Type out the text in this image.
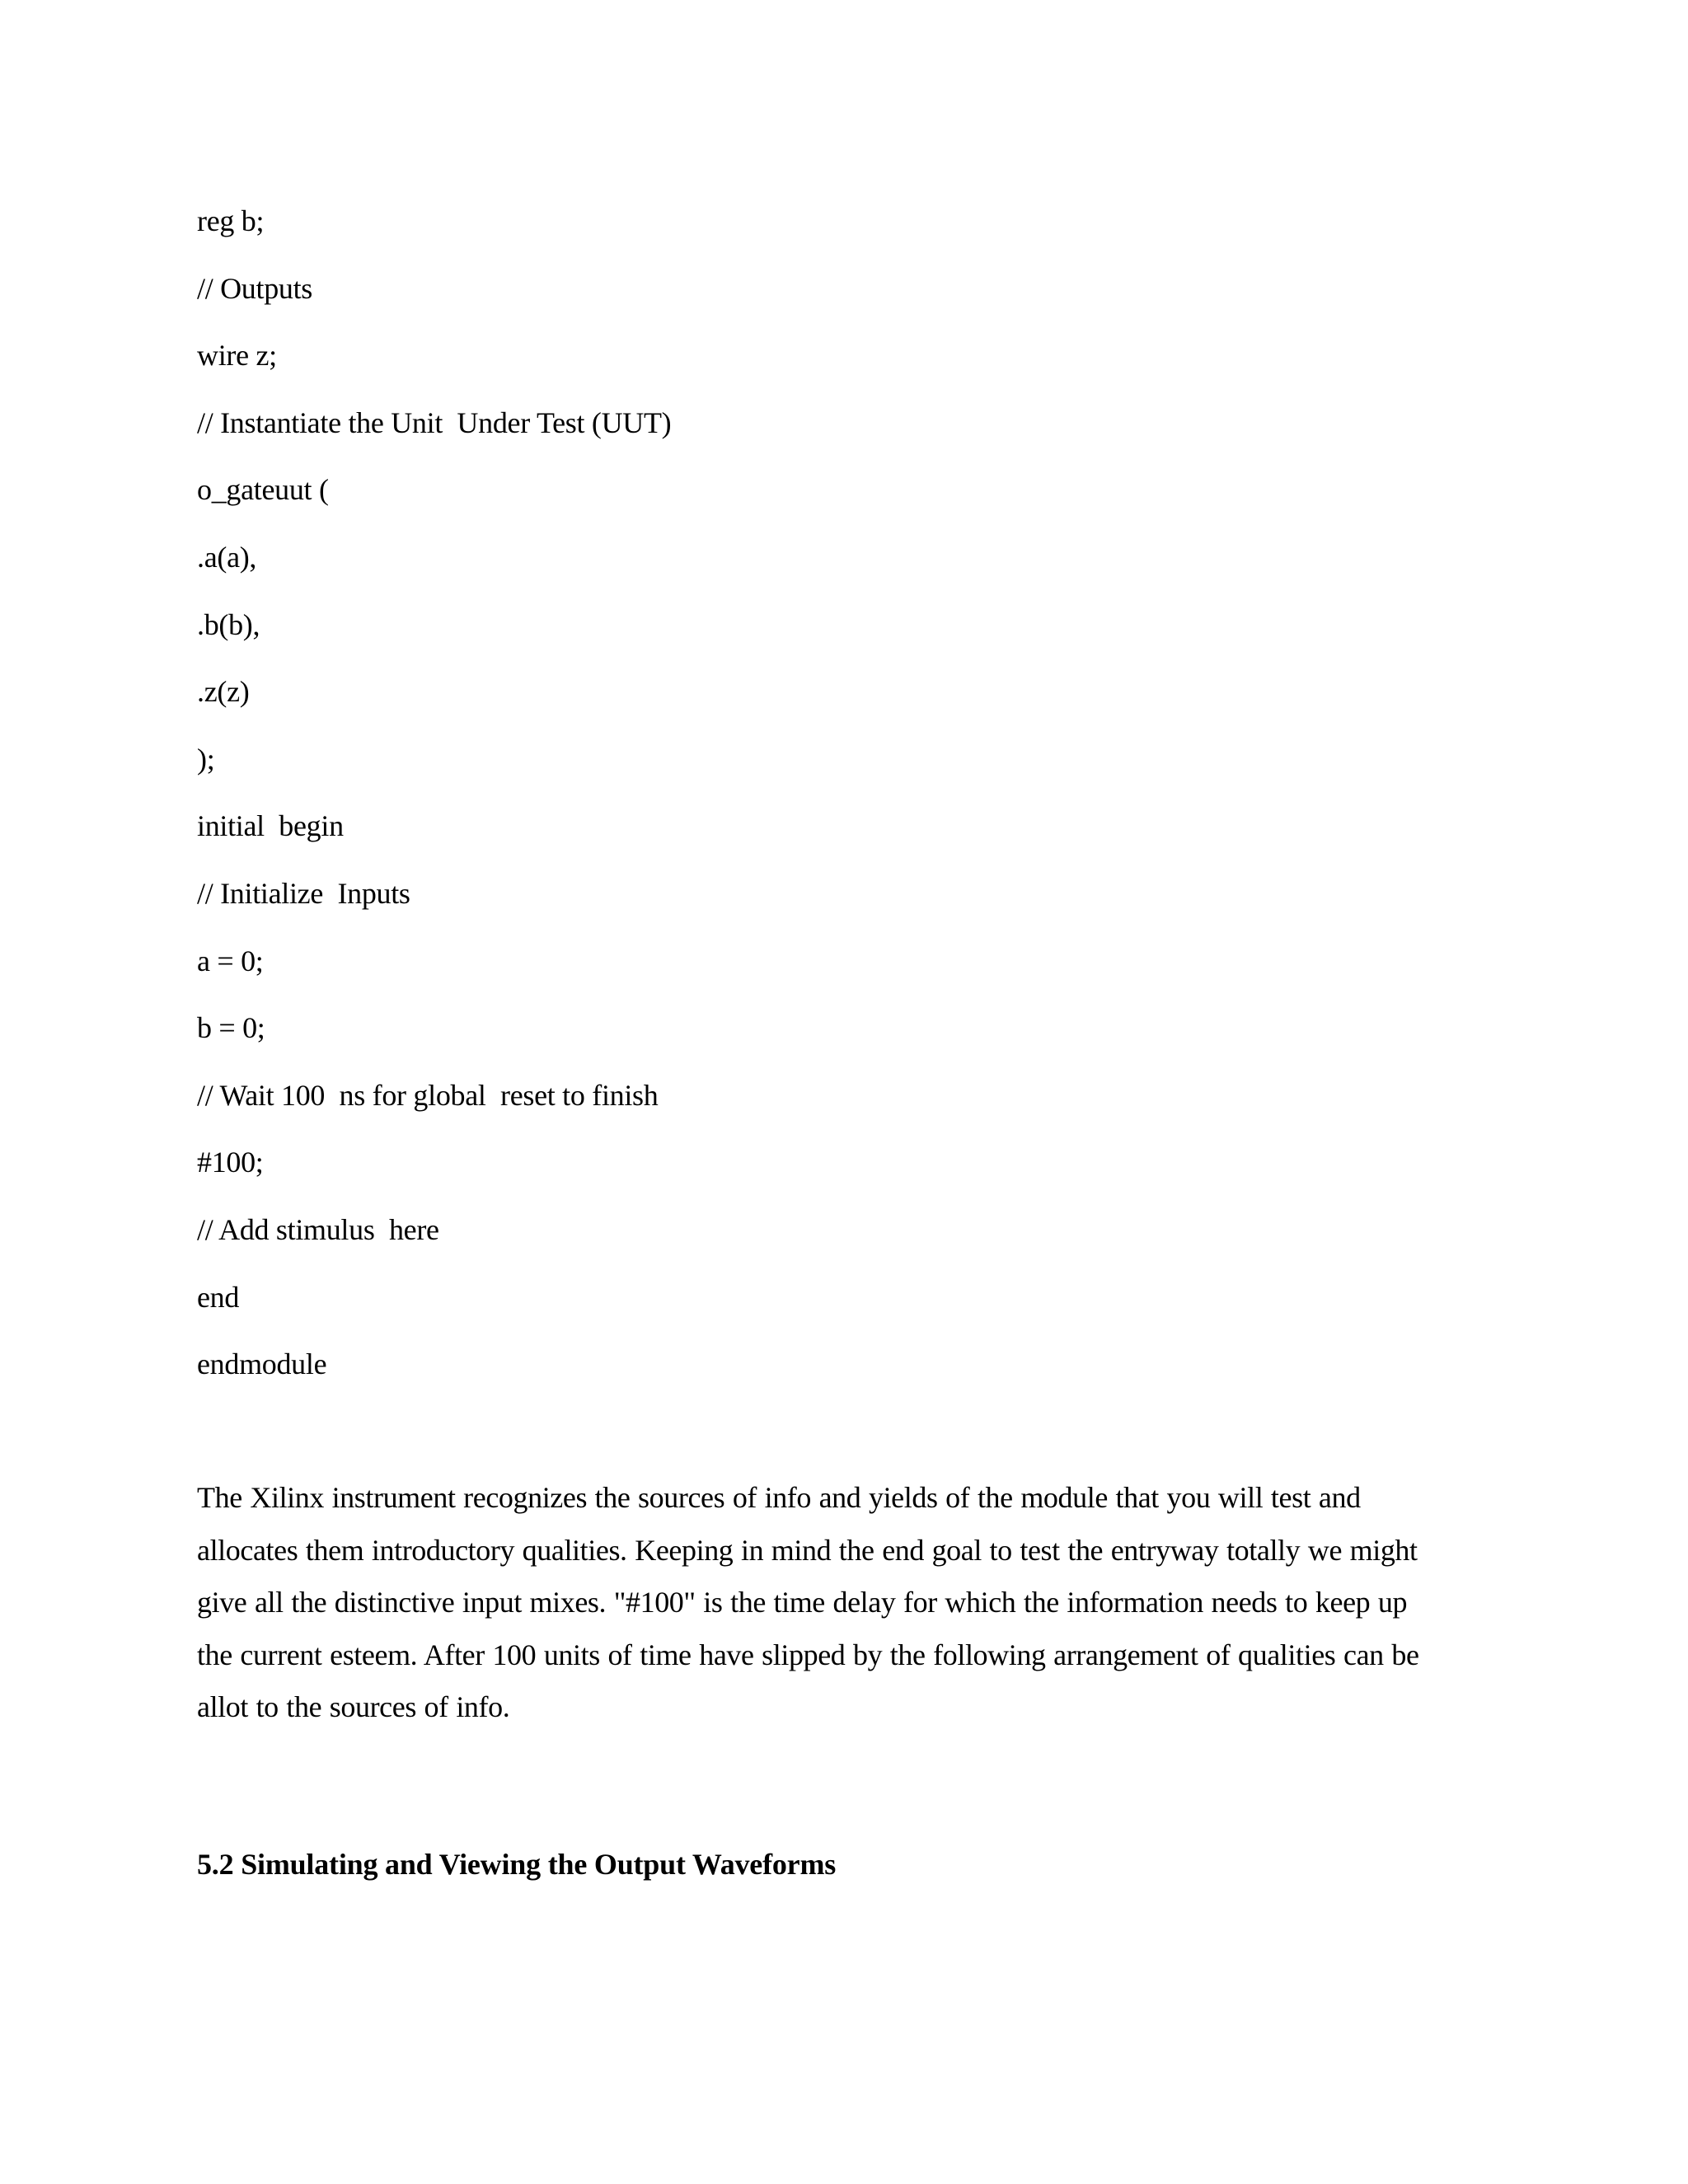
reg b;
// Outputs
wire z;
// Instantiate the Unit  Under Test (UUT)
o_gateuut (
.a(a),
.b(b),
.z(z)
);
initial  begin
// Initialize  Inputs
a = 0;
b = 0;
// Wait 100  ns for global  reset to finish
#100;
// Add stimulus  here
end
endmodule
The Xilinx instrument recognizes the sources of info and yields of the module that you will test and
allocates them introductory qualities. Keeping in mind the end goal to test the entryway totally we might
give all the distinctive input mixes. "#100" is the time delay for which the information needs to keep up
the current esteem. After 100 units of time have slipped by the following arrangement of qualities can be
allot to the sources of info.
5.2 Simulating and Viewing the Output Waveforms
